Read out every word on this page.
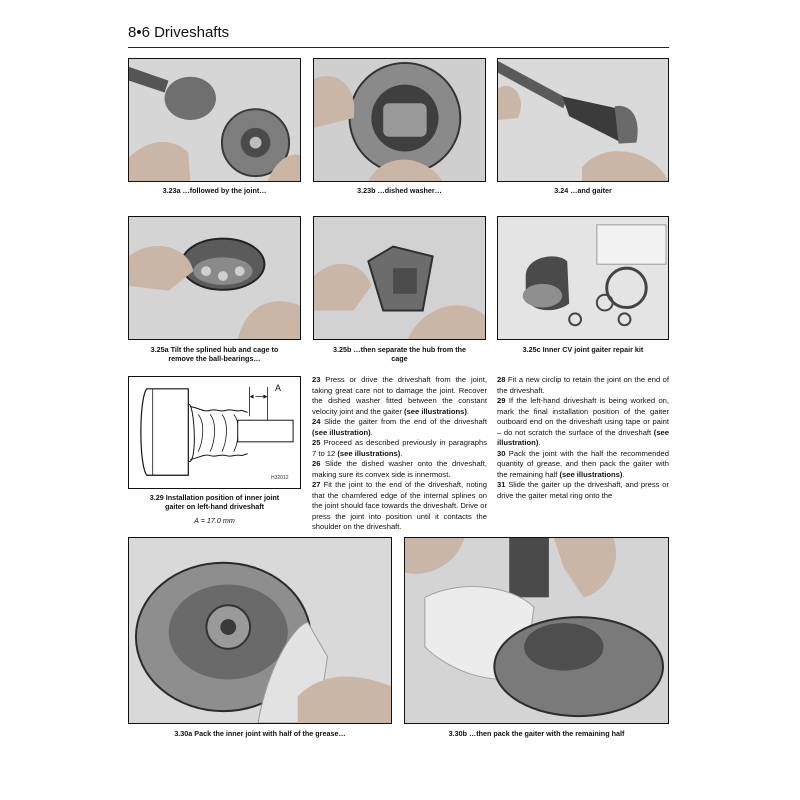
8•6 Driveshafts
3.23a …followed by the joint…	3.23b …dished washer…	3.24 …and gaiter
3.25a Tilt the splined hub and cage to
remove the ball-bearings…
3.25b …then separate the hub from the
cage
3.25c Inner CV joint gaiter repair kit
A
H32012
3.29 Installation position of inner joint
gaiter on left-hand driveshaft
A = 17.0 mm

23 Press or drive the driveshaft from the joint, taking great care not to damage the joint. Recover the dished washer fitted between the constant velocity joint and the gaiter (see illustrations).

24 Slide the gaiter from the end of the driveshaft (see illustration).

25 Proceed as described previously in paragraphs 7 to 12 (see illustrations).

26 Slide the dished washer onto the driveshaft, making sure its convex side is innermost.

27 Fit the joint to the end of the driveshaft, noting that the chamfered edge of the internal splines on the joint should face towards the driveshaft. Drive or press the joint into position until it contacts the shoulder on the driveshaft.

28 Fit a new circlip to retain the joint on the end of the driveshaft.

29 If the left-hand driveshaft is being worked on, mark the final installation position of the gaiter outboard end on the driveshaft using tape or paint – do not scratch the surface of the driveshaft (see illustration).

30 Pack the joint with the half the recommended quantity of grease, and then pack the gaiter with the remaining half (see illustrations).

31 Slide the gaiter up the driveshaft, and press or drive the gaiter metal ring onto the

3.30a Pack the inner joint with half of the grease…	3.30b …then pack the gaiter with the remaining half
